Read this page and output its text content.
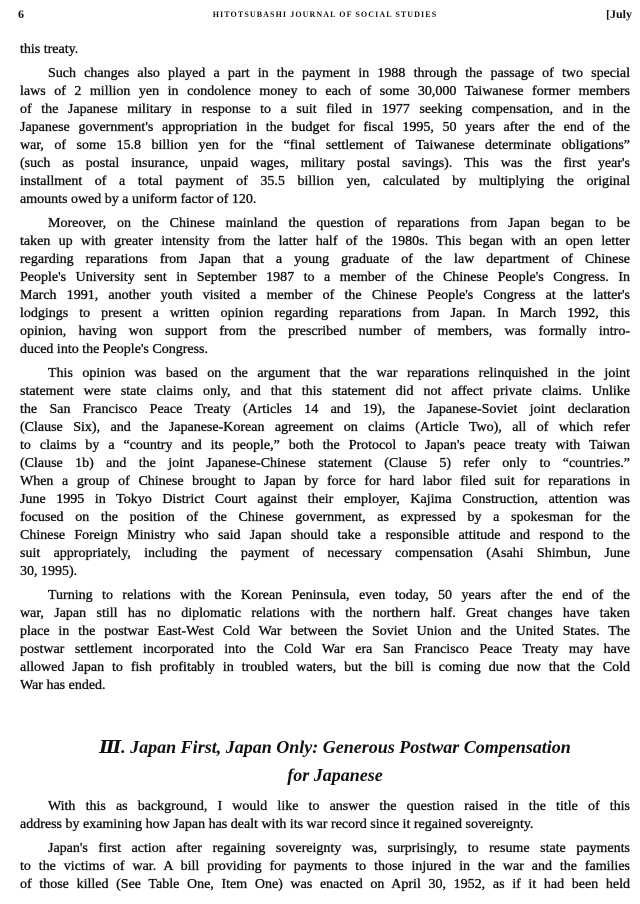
6	HITOTSUBASHI JOURNAL OF SOCIAL STUDIES	[July
this treaty.
Such changes also played a part in the payment in 1988 through the passage of two special
laws of 2 million yen in condolence money to each of some 30,000 Taiwanese former members
of the Japanese military in response to a suit filed in 1977 seeking compensation, and in the
Japanese government's appropriation in the budget for fiscal 1995, 50 years after the end of the
war, of some 15.8 billion yen for the “final settlement of Taiwanese determinate obligations”
(such as postal insurance, unpaid wages, military postal savings). This was the first year's
installment of a total payment of 35.5 billion yen, calculated by multiplying the original
amounts owed by a uniform factor of 120.
Moreover, on the Chinese mainland the question of reparations from Japan began to be
taken up with greater intensity from the latter half of the 1980s. This began with an open letter
regarding reparations from Japan that a young graduate of the law department of Chinese
People's University sent in September 1987 to a member of the Chinese People's Congress. In
March 1991, another youth visited a member of the Chinese People's Congress at the latter's
lodgings to present a written opinion regarding reparations from Japan. In March 1992, this
opinion, having won support from the prescribed number of members, was formally intro-
duced into the People's Congress.
This opinion was based on the argument that the war reparations relinquished in the joint
statement were state claims only, and that this statement did not affect private claims. Unlike
the San Francisco Peace Treaty (Articles 14 and 19), the Japanese-Soviet joint declaration
(Clause Six), and the Japanese-Korean agreement on claims (Article Two), all of which refer
to claims by a “country and its people,” both the Protocol to Japan's peace treaty with Taiwan
(Clause 1b) and the joint Japanese-Chinese statement (Clause 5) refer only to “countries.”
When a group of Chinese brought to Japan by force for hard labor filed suit for reparations in
June 1995 in Tokyo District Court against their employer, Kajima Construction, attention was
focused on the position of the Chinese government, as expressed by a spokesman for the
Chinese Foreign Ministry who said Japan should take a responsible attitude and respond to the
suit appropriately, including the payment of necessary compensation (Asahi Shimbun, June
30, 1995).
Turning to relations with the Korean Peninsula, even today, 50 years after the end of the
war, Japan still has no diplomatic relations with the northern half. Great changes have taken
place in the postwar East-West Cold War between the Soviet Union and the United States. The
postwar settlement incorporated into the Cold War era San Francisco Peace Treaty may have
allowed Japan to fish profitably in troubled waters, but the bill is coming due now that the Cold
War has ended.
Ⅲ. Japan First, Japan Only: Generous Postwar Compensation
for Japanese
With this as background, I would like to answer the question raised in the title of this
address by examining how Japan has dealt with its war record since it regained sovereignty.
Japan's first action after regaining sovereignty was, surprisingly, to resume state payments
to the victims of war. A bill providing for payments to those injured in the war and the families
of those killed (See Table One, Item One) was enacted on April 30, 1952, as if it had been held
